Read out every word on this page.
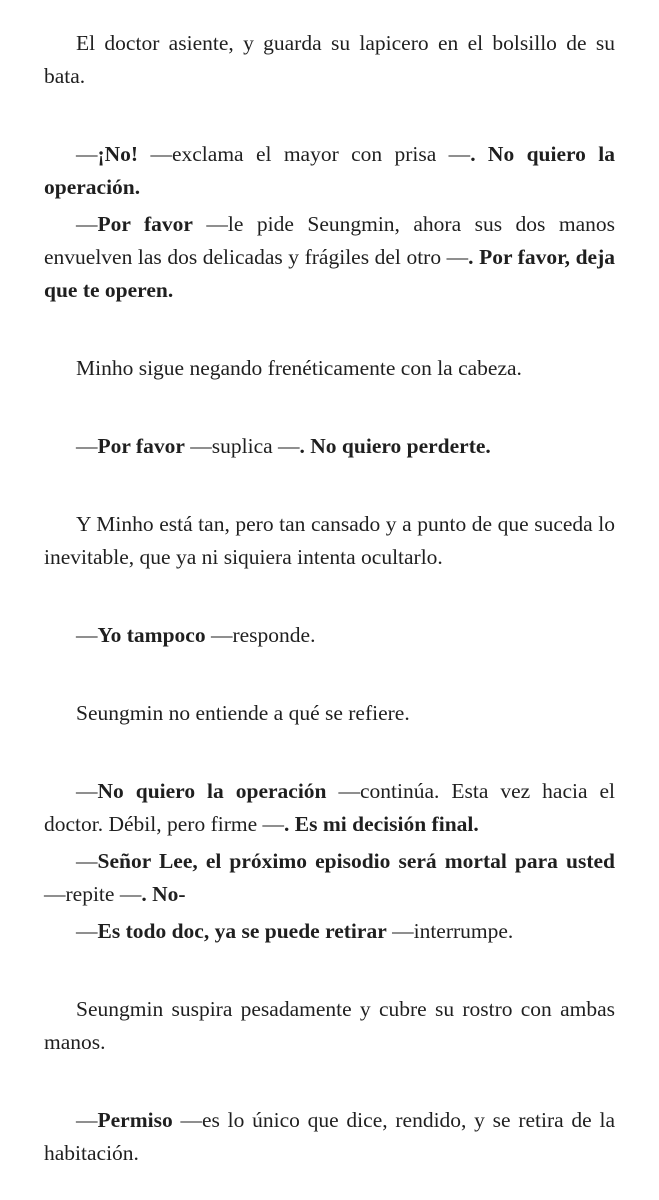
El doctor asiente, y guarda su lapicero en el bolsillo de su bata.

—¡No! —exclama el mayor con prisa —. No quiero la operación.

—Por favor —le pide Seungmin, ahora sus dos manos envuelven las dos delicadas y frágiles del otro —. Por favor, deja que te operen.

Minho sigue negando frenéticamente con la cabeza.

—Por favor —suplica —. No quiero perderte.

Y Minho está tan, pero tan cansado y a punto de que suceda lo inevitable, que ya ni siquiera intenta ocultarlo.

—Yo tampoco —responde.

Seungmin no entiende a qué se refiere.

—No quiero la operación —continúa. Esta vez hacia el doctor. Débil, pero firme —. Es mi decisión final.

—Señor Lee, el próximo episodio será mortal para usted —repite —. No-

—Es todo doc, ya se puede retirar —interrumpe.

Seungmin suspira pesadamente y cubre su rostro con ambas manos.

—Permiso —es lo único que dice, rendido, y se retira de la habitación.
